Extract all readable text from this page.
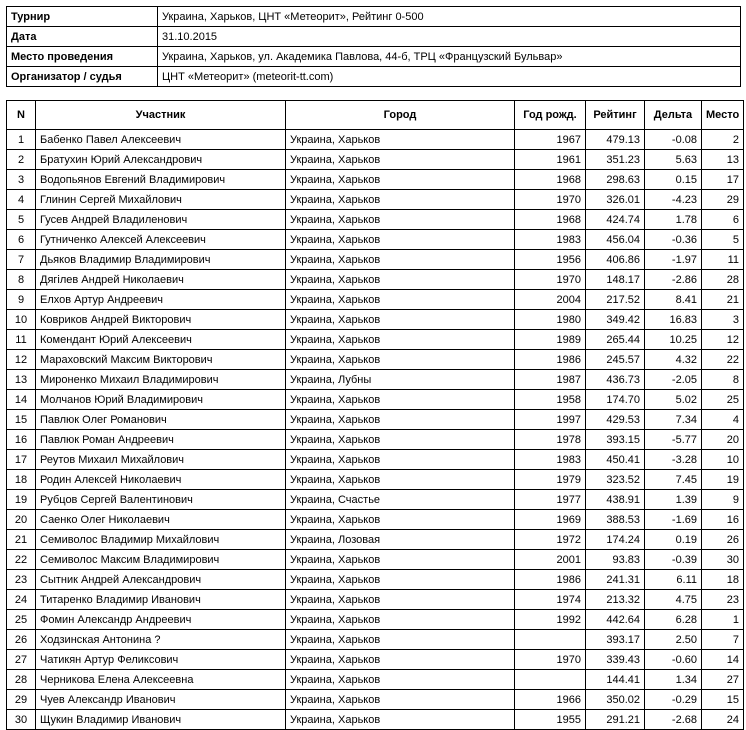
Турнир	Украина, Харьков, ЦНТ «Метеорит», Рейтинг 0-500
Дата	31.10.2015
Место проведения	Украина, Харьков, ул. Академика Павлова, 44-б, ТРЦ «Французский Бульвар»
Организатор / судья	ЦНТ «Метеорит» (meteorit-tt.com)
N	Участник	Город	Год рожд.	Рейтинг	Дельта	Место
1	Бабенко Павел Алексеевич	Украина, Харьков	1967	479.13	-0.08	2
2	Братухин Юрий Александрович	Украина, Харьков	1961	351.23	5.63	13
3	Водопьянов Евгений Владимирович	Украина, Харьков	1968	298.63	0.15	17
4	Глинин Сергей Михайлович	Украина, Харьков	1970	326.01	-4.23	29
5	Гусев Андрей Владиленович	Украина, Харьков	1968	424.74	1.78	6
6	Гутниченко Алексей Алексеевич	Украина, Харьков	1983	456.04	-0.36	5
7	Дьяков Владимир Владимирович	Украина, Харьков	1956	406.86	-1.97	11
8	Дягілев Андрей Николаевич	Украина, Харьков	1970	148.17	-2.86	28
9	Елхов Артур Андреевич	Украина, Харьков	2004	217.52	8.41	21
10	Ковриков Андрей Викторович	Украина, Харьков	1980	349.42	16.83	3
11	Комендант Юрий Алексеевич	Украина, Харьков	1989	265.44	10.25	12
12	Мараховский Максим Викторович	Украина, Харьков	1986	245.57	4.32	22
13	Мироненко Михаил Владимирович	Украина, Лубны	1987	436.73	-2.05	8
14	Молчанов Юрий Владимирович	Украина, Харьков	1958	174.70	5.02	25
15	Павлюк Олег Романович	Украина, Харьков	1997	429.53	7.34	4
16	Павлюк Роман Андреевич	Украина, Харьков	1978	393.15	-5.77	20
17	Реутов Михаил Михайлович	Украина, Харьков	1983	450.41	-3.28	10
18	Родин Алексей Николаевич	Украина, Харьков	1979	323.52	7.45	19
19	Рубцов Сергей Валентинович	Украина, Счастье	1977	438.91	1.39	9
20	Саенко Олег Николаевич	Украина, Харьков	1969	388.53	-1.69	16
21	Семиволос Владимир Михайлович	Украина, Лозовая	1972	174.24	0.19	26
22	Семиволос Максим Владимирович	Украина, Харьков	2001	93.83	-0.39	30
23	Сытник Андрей Александрович	Украина, Харьков	1986	241.31	6.11	18
24	Титаренко Владимир Иванович	Украина, Харьков	1974	213.32	4.75	23
25	Фомин Александр Андреевич	Украина, Харьков	1992	442.64	6.28	1
26	Ходзинская Антонина ?	Украина, Харьков		393.17	2.50	7
27	Чатикян Артур Феликсович	Украина, Харьков	1970	339.43	-0.60	14
28	Черникова Елена Алексеевна	Украина, Харьков		144.41	1.34	27
29	Чуев Александр Иванович	Украина, Харьков	1966	350.02	-0.29	15
30	Щукин Владимир Иванович	Украина, Харьков	1955	291.21	-2.68	24
